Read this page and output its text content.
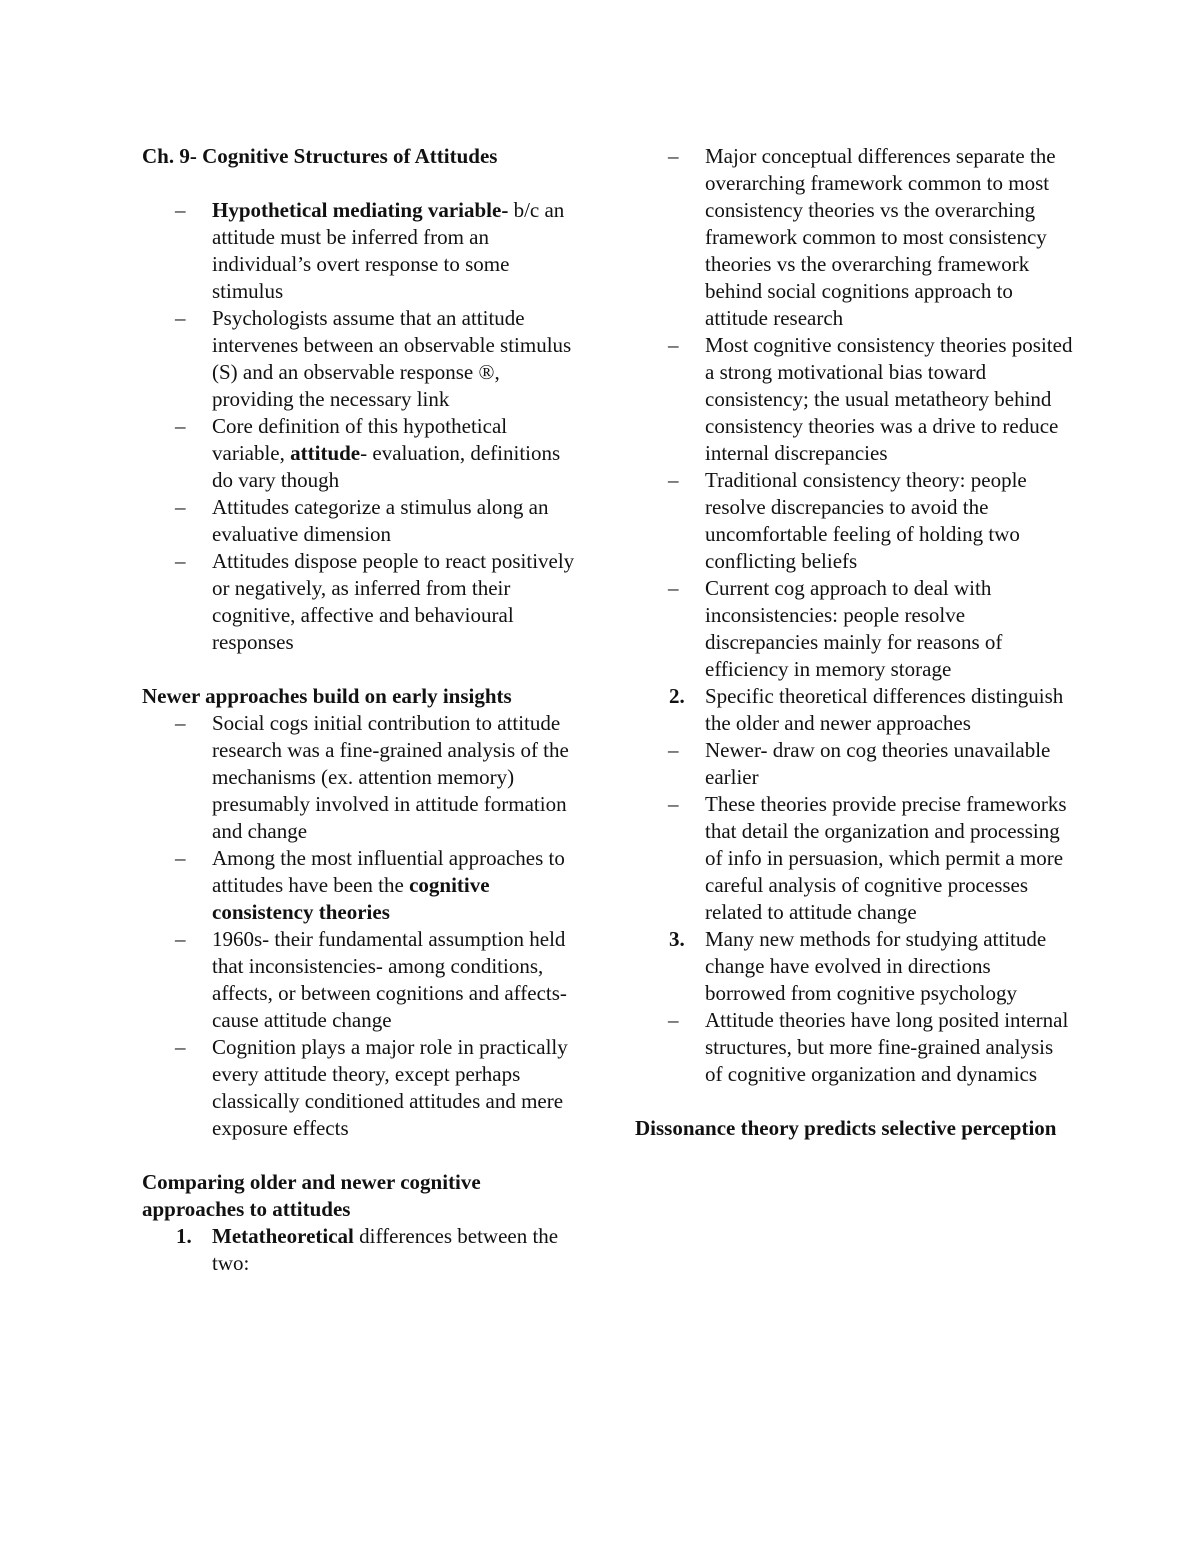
Ch. 9- Cognitive Structures of Attitudes

– Hypothetical mediating variable- b/c an attitude must be inferred from an individual’s overt response to some stimulus
– Psychologists assume that an attitude intervenes between an observable stimulus (S) and an observable response ®, providing the necessary link
– Core definition of this hypothetical variable, attitude- evaluation, definitions do vary though
– Attitudes categorize a stimulus along an evaluative dimension
– Attitudes dispose people to react positively or negatively, as inferred from their cognitive, affective and behavioural responses

Newer approaches build on early insights

– Social cogs initial contribution to attitude research was a fine-grained analysis of the mechanisms (ex. attention memory) presumably involved in attitude formation and change
– Among the most influential approaches to attitudes have been the cognitive consistency theories
– 1960s- their fundamental assumption held that inconsistencies- among conditions, affects, or between cognitions and affects- cause attitude change
– Cognition plays a major role in practically every attitude theory, except perhaps classically conditioned attitudes and mere exposure effects

Comparing older and newer cognitive approaches to attitudes

1. Metatheoretical differences between the two:
– Major conceptual differences separate the overarching framework common to most consistency theories vs the overarching framework common to most consistency theories vs the overarching framework behind social cognitions approach to attitude research
– Most cognitive consistency theories posited a strong motivational bias toward consistency; the usual metatheory behind consistency theories was a drive to reduce internal discrepancies
– Traditional consistency theory: people resolve discrepancies to avoid the uncomfortable feeling of holding two conflicting beliefs
– Current cog approach to deal with inconsistencies: people resolve discrepancies mainly for reasons of efficiency in memory storage
2. Specific theoretical differences distinguish the older and newer approaches
– Newer- draw on cog theories unavailable earlier
– These theories provide precise frameworks that detail the organization and processing of info in persuasion, which permit a more careful analysis of cognitive processes related to attitude change
3. Many new methods for studying attitude change have evolved in directions borrowed from cognitive psychology
– Attitude theories have long posited internal structures, but more fine-grained analysis of cognitive organization and dynamics

Dissonance theory predicts selective perception
